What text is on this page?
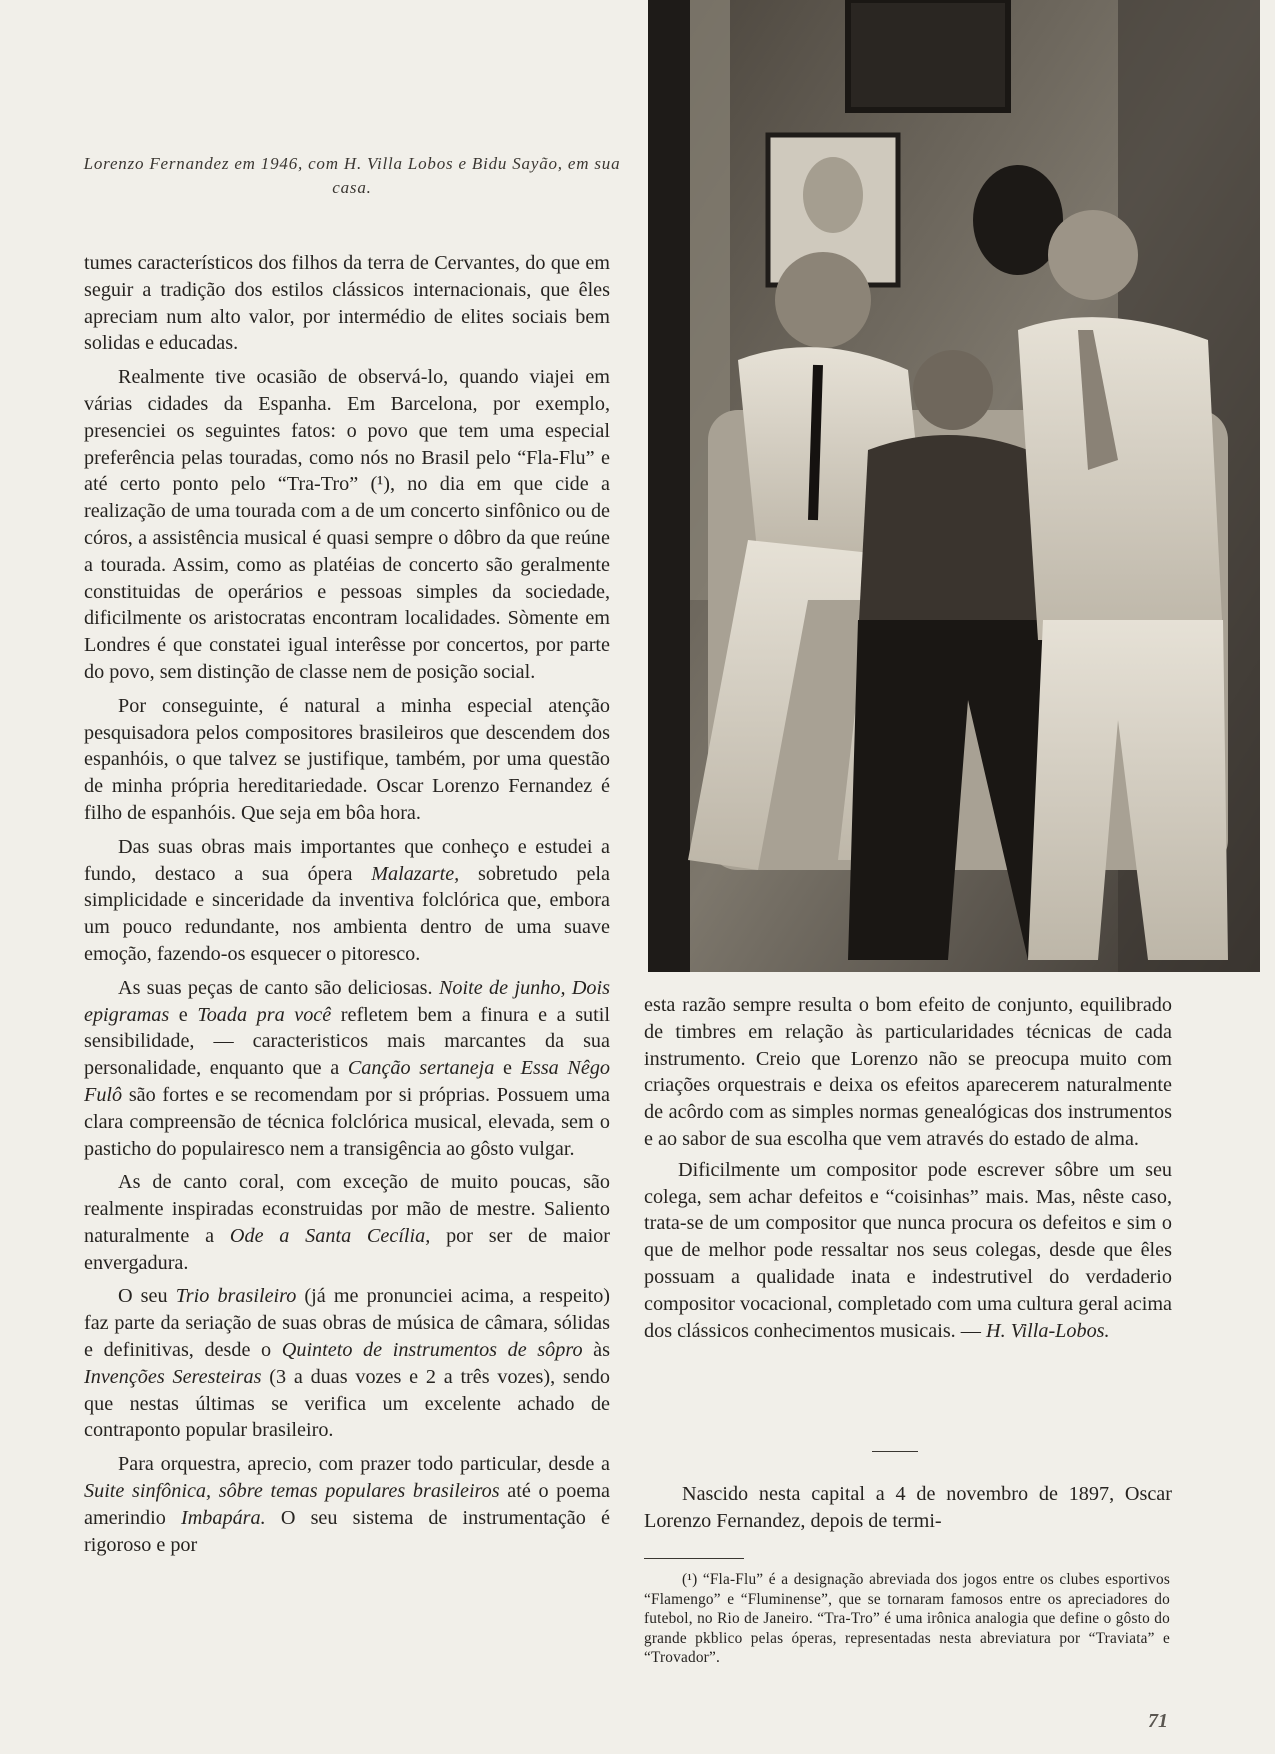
Lorenzo Fernandez em 1946, com H. Villa Lobos e Bidu Sayão, em sua casa.

tumes característicos dos filhos da terra de Cervantes, do que em seguir a tradição dos estilos clássicos internacionais, que êles apreciam num alto valor, por intermédio de elites sociais bem solidas e educadas.

Realmente tive ocasião de observá-lo, quando viajei em várias cidades da Espanha. Em Barcelona, por exemplo, presenciei os seguintes fatos: o povo que tem uma especial preferência pelas touradas, como nós no Brasil pelo “Fla-Flu” e até certo ponto pelo “Tra-Tro” (¹), no dia em que cide a realização de uma tourada com a de um concerto sinfônico ou de córos, a assistência musical é quasi sempre o dôbro da que reúne a tourada. Assim, como as platéias de concerto são geralmente constituidas de operários e pessoas simples da sociedade, dificilmente os aristocratas encontram localidades. Sòmente em Londres é que constatei igual interêsse por concertos, por parte do povo, sem distinção de classe nem de posição social.

Por conseguinte, é natural a minha especial atenção pesquisadora pelos compositores brasileiros que descendem dos espanhóis, o que talvez se justifique, também, por uma questão de minha própria hereditariedade. Oscar Lorenzo Fernandez é filho de espanhóis. Que seja em bôa hora.

Das suas obras mais importantes que conheço e estudei a fundo, destaco a sua ópera Malazarte, sobretudo pela simplicidade e sinceridade da inventiva folclórica que, embora um pouco redundante, nos ambienta dentro de uma suave emoção, fazendo-os esquecer o pitoresco.

As suas peças de canto são deliciosas. Noite de junho, Dois epigramas e Toada pra você refletem bem a finura e a sutil sensibilidade, — caracteristicos mais marcantes da sua personalidade, enquanto que a Canção sertaneja e Essa Nêgo Fulô são fortes e se recomendam por si próprias. Possuem uma clara compreensão de técnica folclórica musical, elevada, sem o pasticho do populairesco nem a transigência ao gôsto vulgar.

As de canto coral, com exceção de muito poucas, são realmente inspiradas econstruidas por mão de mestre. Saliento naturalmente a Ode a Santa Cecília, por ser de maior envergadura.

O seu Trio brasileiro (já me pronunciei acima, a respeito) faz parte da seriação de suas obras de música de câmara, sólidas e definitivas, desde o Quinteto de instrumentos de sôpro às Invenções Seresteiras (3 a duas vozes e 2 a três vozes), sendo que nestas últimas se verifica um excelente achado de contraponto popular brasileiro.

Para orquestra, aprecio, com prazer todo particular, desde a Suite sinfônica, sôbre temas populares brasileiros até o poema amerindio Imbapára. O seu sistema de instrumentação é rigoroso e por

esta razão sempre resulta o bom efeito de conjunto, equilibrado de timbres em relação às particularidades técnicas de cada instrumento. Creio que Lorenzo não se preocupa muito com criações orquestrais e deixa os efeitos aparecerem naturalmente de acôrdo com as simples normas genealógicas dos instrumentos e ao sabor de sua escolha que vem através do estado de alma.

Dificilmente um compositor pode escrever sôbre um seu colega, sem achar defeitos e “coisinhas” mais. Mas, nêste caso, trata-se de um compositor que nunca procura os defeitos e sim o que de melhor pode ressaltar nos seus colegas, desde que êles possuam a qualidade inata e indestrutivel do verdaderio compositor vocacional, completado com uma cultura geral acima dos clássicos conhecimentos musicais. — H. Villa-Lobos.

Nascido nesta capital a 4 de novembro de 1897, Oscar Lorenzo Fernandez, depois de termi-
(¹) “Fla-Flu” é a designação abreviada dos jogos entre os clubes esportivos “Flamengo” e “Fluminense”, que se tornaram famosos entre os apreciadores do futebol, no Rio de Janeiro. “Tra-Tro” é uma irônica analogia que define o gôsto do grande pkblico pelas óperas, representadas nesta abreviatura por “Traviata” e “Trovador”.
71
